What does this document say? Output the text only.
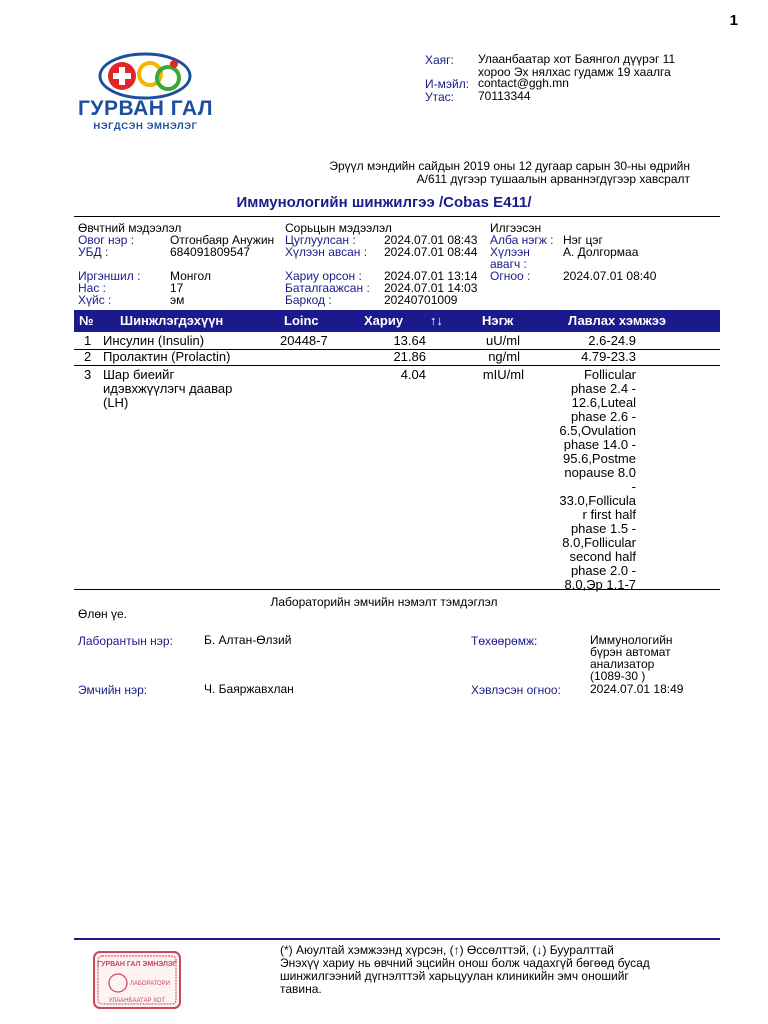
1
ГУРВАН ГАЛ
НЭГДСЭН ЭМНЭЛЭГ
Хаяг:	Улаанбаатар хот Баянгол дүүрэг 11
хороо Эх нялхас гудамж 19 хаалга
И-мэйл: contact@ggh.mn
Утас:	70113344
Эрүүл мэндийн сайдын 2019 оны 12 дугаар сарын 30-ны өдрийн
А/611 дүгээр тушаалын арваннэгдүгээр хавсралт
Иммунологийн шинжилгээ /Cobas E411/
Өвчтний мэдээлэл
Овог нэр :	Отгонбаяр Анужин
УБД :	684091809547
Иргэншил : Монгол
Нас :	17
Хүйс :	эм
Сорьцын мэдээлэл
Цуглуулсан : 2024.07.01 08:43
Хүлээн авсан : 2024.07.01 08:44
Хариу орсон : 2024.07.01 13:14
Баталгаажсан : 2024.07.01 14:03
Баркод :	20240701009
Илгээсэн
Алба нэгж : Нэг цэг
Хүлээн
авагч :
А. Долгормаа
Огноо :	2024.07.01 08:40
№ Шинжлэгдэхүүн	Loinc	Хариу ↑↓	Нэгж	Лавлах хэмжээ
1 Инсулин (Insulin)	20448-7	13.64	uU/ml	2.6-24.9
2 Пролактин (Prolactin)	21.86	ng/ml	4.79-23.3
3 Шар биеийг
идэвхжүүлэгч даавар
(LH)
4.04	mIU/ml	Follicular
phase 2.4 -
12.6,Luteal
phase 2.6 -
6.5,Ovulation
phase 14.0 -
95.6,Postme
nopause 8.0
-
33.0,Follicula
r first half
phase 1.5 -
8.0,Follicular
second half
phase 2.0 -
8.0,Эр 1.1-7
Лабораторийн эмчийн нэмэлт тэмдэглэл
Өлөн үе.
Лаборантын нэр:	Б. Алтан-Өлзий	Төхөөрөмж:	Иммунологийн
бүрэн автомат
анализатор
(1089-30 )
Эмчийн нэр:	Ч. Баяржавхлан	Хэвлэсэн огноо: 2024.07.01 18:49
(*) Аюултай хэмжээнд хүрсэн, (↑) Өссөлттэй, (↓) Бууралттай
Энэхүү хариу нь өвчний эцсийн онош болж чадахгүй бөгөөд бусад
шинжилгээний дүгнэлттэй харьцуулан клиникийн эмч оношийг
тавина.
ГУРВАН ГАЛ ЭМНЭЛЭГ
ЛАБОРАТОРИ
УЛААНБААТАР ХОТ
